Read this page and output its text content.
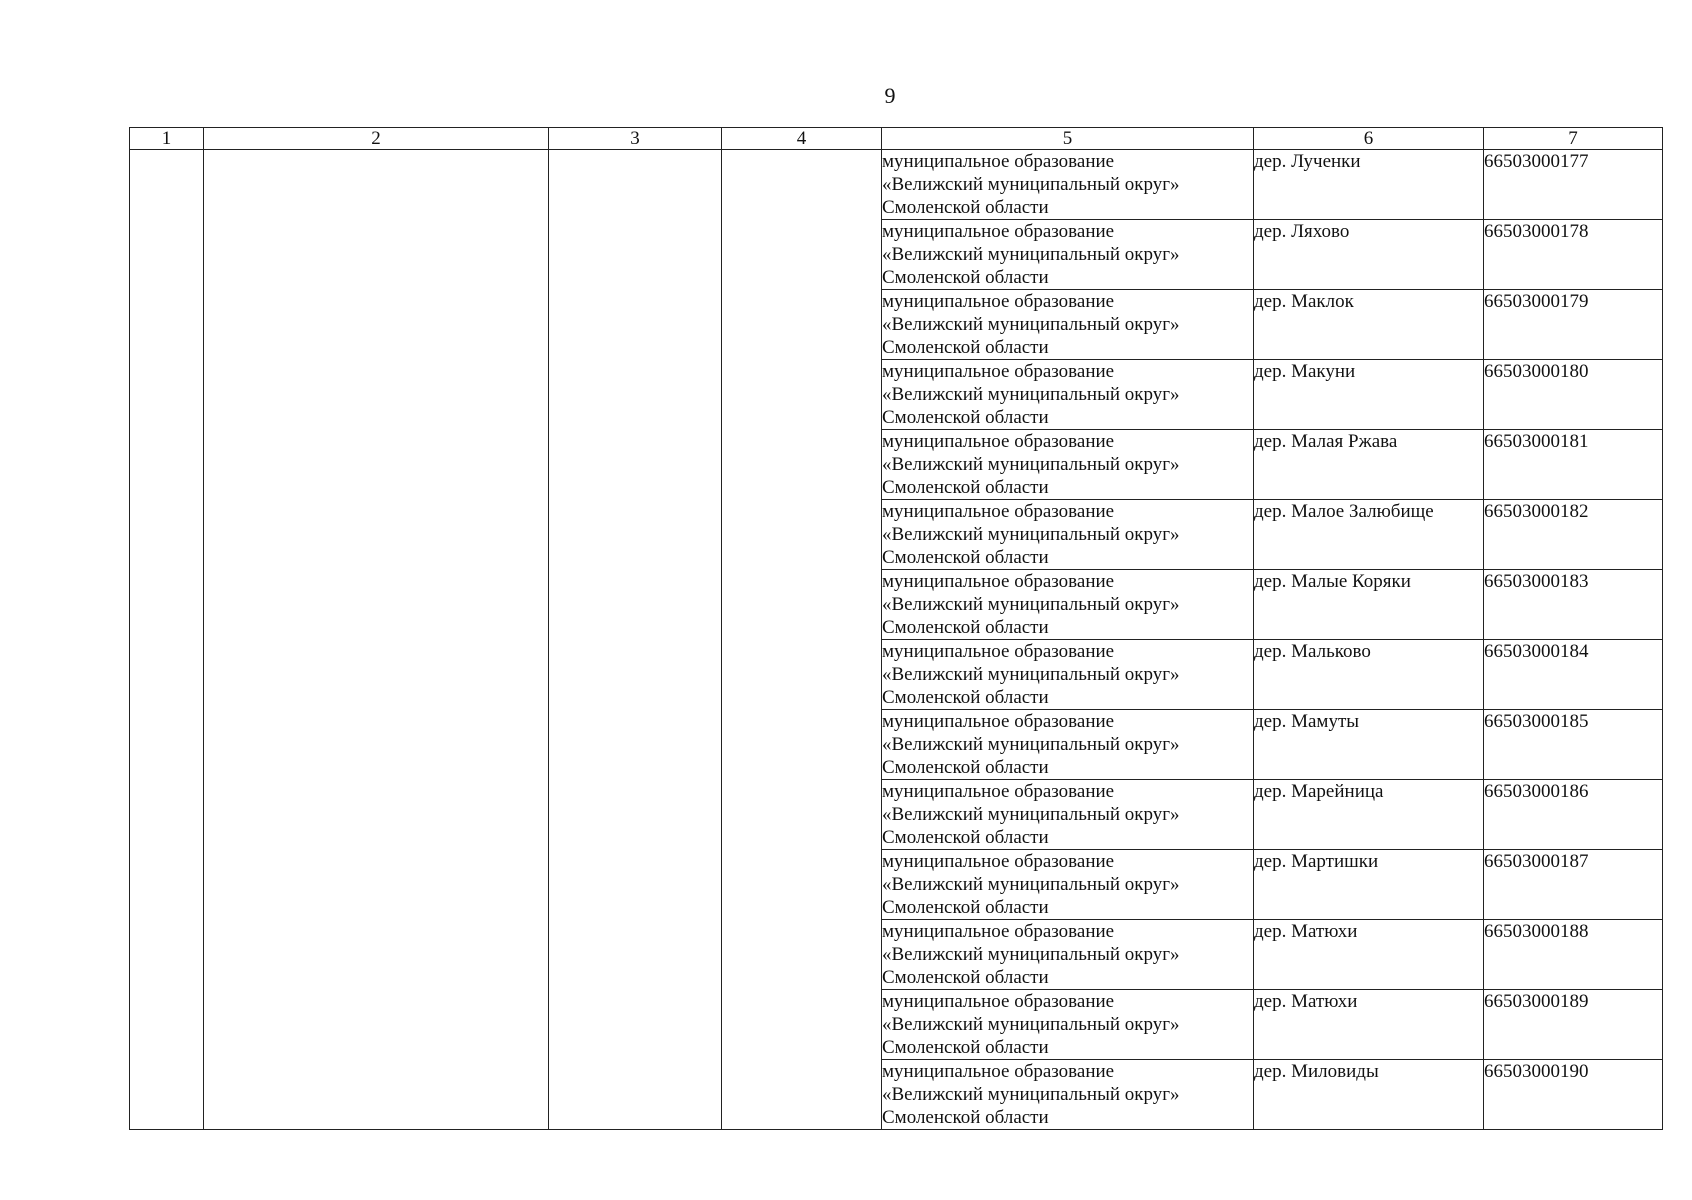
9
1	2	3	4	5	6	7

				муниципальное образование
«Велижский муниципальный округ»
Смоленской области	дер. Лученки	66503000177

				муниципальное образование
«Велижский муниципальный округ»
Смоленской области	дер. Ляхово	66503000178

				муниципальное образование
«Велижский муниципальный округ»
Смоленской области	дер. Маклок	66503000179

				муниципальное образование
«Велижский муниципальный округ»
Смоленской области	дер. Макуни	66503000180

				муниципальное образование
«Велижский муниципальный округ»
Смоленской области	дер. Малая Ржава	66503000181

				муниципальное образование
«Велижский муниципальный округ»
Смоленской области	дер. Малое Залюбище	66503000182

				муниципальное образование
«Велижский муниципальный округ»
Смоленской области	дер. Малые Коряки	66503000183

				муниципальное образование
«Велижский муниципальный округ»
Смоленской области	дер. Мальково	66503000184

				муниципальное образование
«Велижский муниципальный округ»
Смоленской области	дер. Мамуты	66503000185

				муниципальное образование
«Велижский муниципальный округ»
Смоленской области	дер. Марейница	66503000186

				муниципальное образование
«Велижский муниципальный округ»
Смоленской области	дер. Мартишки	66503000187

				муниципальное образование
«Велижский муниципальный округ»
Смоленской области	дер. Матюхи	66503000188

				муниципальное образование
«Велижский муниципальный округ»
Смоленской области	дер. Матюхи	66503000189

				муниципальное образование
«Велижский муниципальный округ»
Смоленской области	дер. Миловиды	66503000190
